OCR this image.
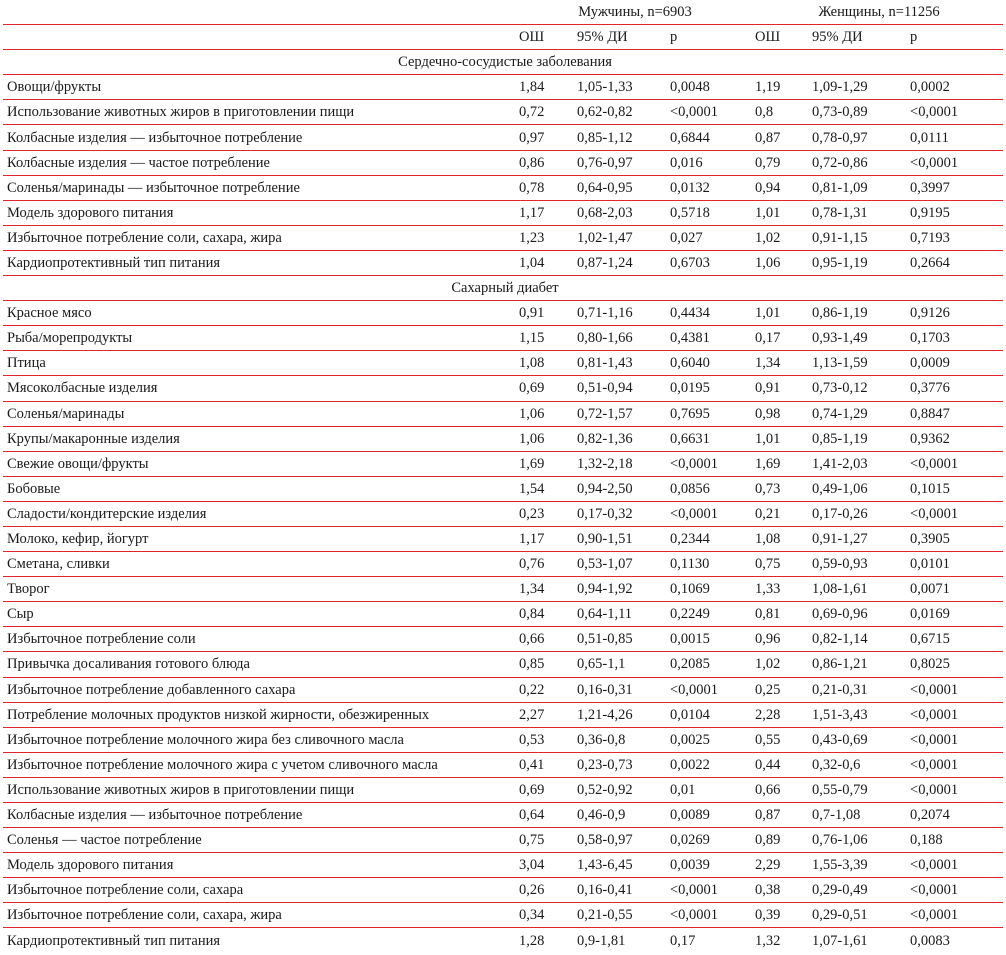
	Мужчины, n=6903			Женщины, n=11256		
	ОШ	95% ДИ	p	ОШ	95% ДИ	p
Сердечно-сосудистые заболевания						
Овощи/фрукты	1,84	1,05-1,33	0,0048	1,19	1,09-1,29	0,0002
Использование животных жиров в приготовлении пищи	0,72	0,62-0,82	<0,0001	0,8	0,73-0,89	<0,0001
Колбасные изделия — избыточное потребление	0,97	0,85-1,12	0,6844	0,87	0,78-0,97	0,0111
Колбасные изделия — частое потребление	0,86	0,76-0,97	0,016	0,79	0,72-0,86	<0,0001
Соленья/маринады — избыточное потребление	0,78	0,64-0,95	0,0132	0,94	0,81-1,09	0,3997
Модель здорового питания	1,17	0,68-2,03	0,5718	1,01	0,78-1,31	0,9195
Избыточное потребление соли, сахара, жира	1,23	1,02-1,47	0,027	1,02	0,91-1,15	0,7193
Кардиопротективный тип питания	1,04	0,87-1,24	0,6703	1,06	0,95-1,19	0,2664
Сахарный диабет						
Красное мясо	0,91	0,71-1,16	0,4434	1,01	0,86-1,19	0,9126
Рыба/морепродукты	1,15	0,80-1,66	0,4381	0,17	0,93-1,49	0,1703
Птица	1,08	0,81-1,43	0,6040	1,34	1,13-1,59	0,0009
Мясоколбасные изделия	0,69	0,51-0,94	0,0195	0,91	0,73-0,12	0,3776
Соленья/маринады	1,06	0,72-1,57	0,7695	0,98	0,74-1,29	0,8847
Крупы/макаронные изделия	1,06	0,82-1,36	0,6631	1,01	0,85-1,19	0,9362
Свежие овощи/фрукты	1,69	1,32-2,18	<0,0001	1,69	1,41-2,03	<0,0001
Бобовые	1,54	0,94-2,50	0,0856	0,73	0,49-1,06	0,1015
Сладости/кондитерские изделия	0,23	0,17-0,32	<0,0001	0,21	0,17-0,26	<0,0001
Молоко, кефир, йогурт	1,17	0,90-1,51	0,2344	1,08	0,91-1,27	0,3905
Сметана, сливки	0,76	0,53-1,07	0,1130	0,75	0,59-0,93	0,0101
Творог	1,34	0,94-1,92	0,1069	1,33	1,08-1,61	0,0071
Сыр	0,84	0,64-1,11	0,2249	0,81	0,69-0,96	0,0169
Избыточное потребление соли	0,66	0,51-0,85	0,0015	0,96	0,82-1,14	0,6715
Привычка досаливания готового блюда	0,85	0,65-1,1	0,2085	1,02	0,86-1,21	0,8025
Избыточное потребление добавленного сахара	0,22	0,16-0,31	<0,0001	0,25	0,21-0,31	<0,0001
Потребление молочных продуктов низкой жирности, обезжиренных	2,27	1,21-4,26	0,0104	2,28	1,51-3,43	<0,0001
Избыточное потребление молочного жира без сливочного масла	0,53	0,36-0,8	0,0025	0,55	0,43-0,69	<0,0001
Избыточное потребление молочного жира с учетом сливочного масла	0,41	0,23-0,73	0,0022	0,44	0,32-0,6	<0,0001
Использование животных жиров в приготовлении пищи	0,69	0,52-0,92	0,01	0,66	0,55-0,79	<0,0001
Колбасные изделия — избыточное потребление	0,64	0,46-0,9	0,0089	0,87	0,7-1,08	0,2074
Соленья — частое потребление	0,75	0,58-0,97	0,0269	0,89	0,76-1,06	0,188
Модель здорового питания	3,04	1,43-6,45	0,0039	2,29	1,55-3,39	<0,0001
Избыточное потребление соли, сахара	0,26	0,16-0,41	<0,0001	0,38	0,29-0,49	<0,0001
Избыточное потребление соли, сахара, жира	0,34	0,21-0,55	<0,0001	0,39	0,29-0,51	<0,0001
Кардиопротективный тип питания	1,28	0,9-1,81	0,17	1,32	1,07-1,61	0,0083
